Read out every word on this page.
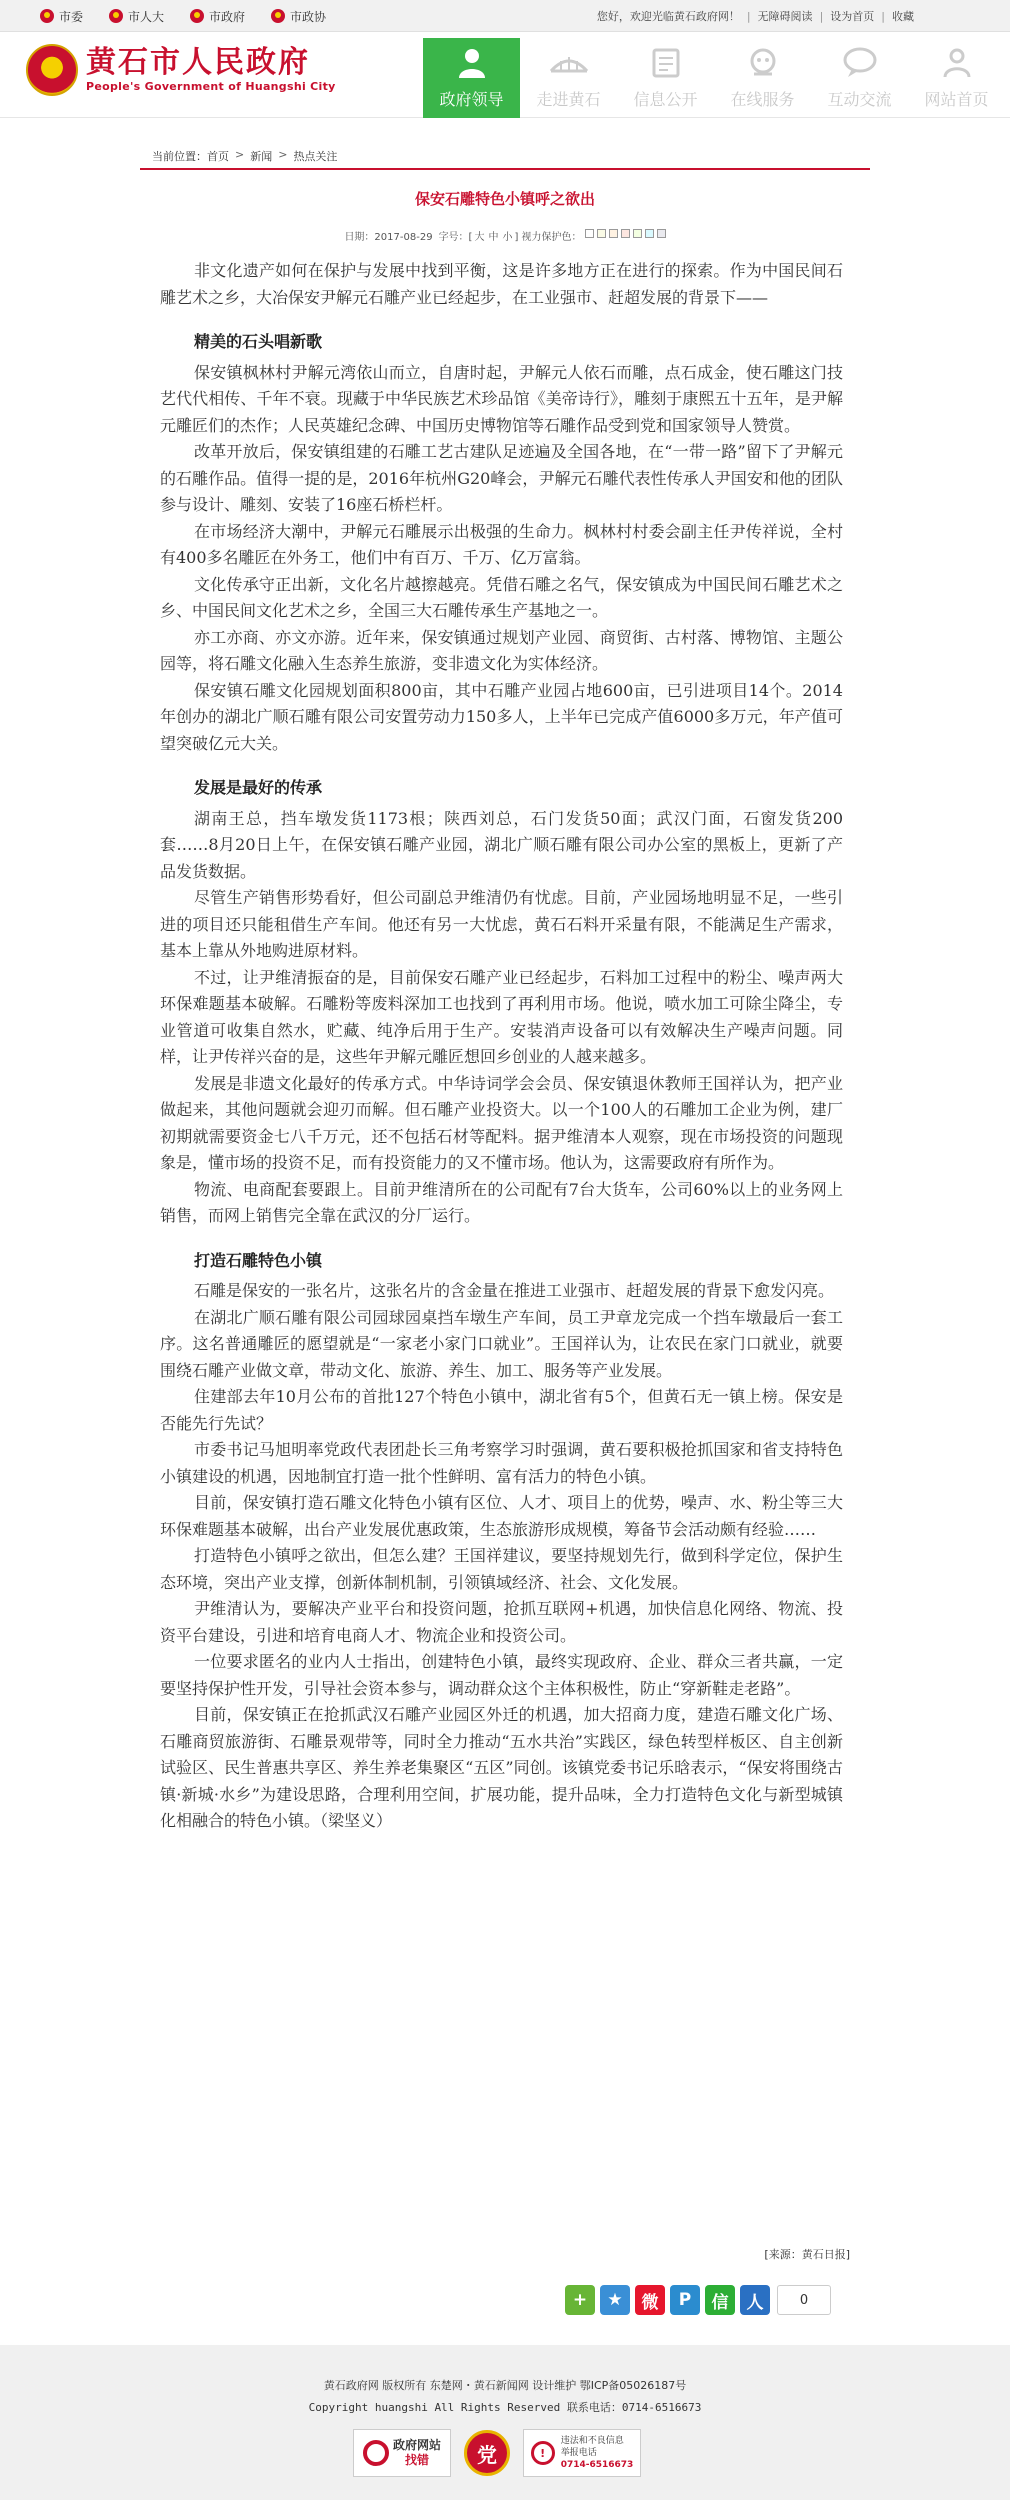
市委	市人大	市政府	市政协	您好，欢迎光临黄石政府网！ | 无障碍阅读 | 设为首页 | 收藏
黄石市人民政府
People's Government of Huangshi City
政府领导 走进黄石 信息公开 在线服务 互动交流 网站首页
当前位置： 首页 > 新闻 > 热点关注
保安石雕特色小镇呼之欲出
日期：2017-08-29 字号：[ 大 中 小 ] 视力保护色：

非文化遗产如何在保护与发展中找到平衡，这是许多地方正在进行的探索。作为中国民间石雕艺术之乡，大冶保安尹解元石雕产业已经起步，在工业强市、赶超发展的背景下——

精美的石头唱新歌

保安镇枫林村尹解元湾依山而立，自唐时起，尹解元人依石而雕，点石成金，使石雕这门技艺代代相传、千年不衰。现藏于中华民族艺术珍品馆《美帝诗行》，雕刻于康熙五十五年，是尹解元雕匠们的杰作；人民英雄纪念碑、中国历史博物馆等石雕作品受到党和国家领导人赞赏。

改革开放后，保安镇组建的石雕工艺古建队足迹遍及全国各地，在“一带一路”留下了尹解元的石雕作品。值得一提的是，2016年杭州G20峰会，尹解元石雕代表性传承人尹国安和他的团队参与设计、雕刻、安装了16座石桥栏杆。

在市场经济大潮中，尹解元石雕展示出极强的生命力。枫林村村委会副主任尹传祥说，全村有400多名雕匠在外务工，他们中有百万、千万、亿万富翁。

文化传承守正出新，文化名片越擦越亮。凭借石雕之名气，保安镇成为中国民间石雕艺术之乡、中国民间文化艺术之乡，全国三大石雕传承生产基地之一。

亦工亦商、亦文亦游。近年来，保安镇通过规划产业园、商贸街、古村落、博物馆、主题公园等，将石雕文化融入生态养生旅游，变非遗文化为实体经济。

保安镇石雕文化园规划面积800亩，其中石雕产业园占地600亩，已引进项目14个。2014年创办的湖北广顺石雕有限公司安置劳动力150多人，上半年已完成产值6000多万元，年产值可望突破亿元大关。

发展是最好的传承

湖南王总，挡车墩发货1173根；陕西刘总，石门发货50面；武汉门面，石窗发货200套……8月20日上午，在保安镇石雕产业园，湖北广顺石雕有限公司办公室的黑板上，更新了产品发货数据。

尽管生产销售形势看好，但公司副总尹维清仍有忧虑。目前，产业园场地明显不足，一些引进的项目还只能租借生产车间。他还有另一大忧虑，黄石石料开采量有限，不能满足生产需求，基本上靠从外地购进原材料。

不过，让尹维清振奋的是，目前保安石雕产业已经起步，石料加工过程中的粉尘、噪声两大环保难题基本破解。石雕粉等废料深加工也找到了再利用市场。他说，喷水加工可除尘降尘，专业管道可收集自然水，贮藏、纯净后用于生产。安装消声设备可以有效解决生产噪声问题。同样，让尹传祥兴奋的是，这些年尹解元雕匠想回乡创业的人越来越多。

发展是非遗文化最好的传承方式。中华诗词学会会员、保安镇退休教师王国祥认为，把产业做起来，其他问题就会迎刃而解。但石雕产业投资大。以一个100人的石雕加工企业为例，建厂初期就需要资金七八千万元，还不包括石材等配料。据尹维清本人观察，现在市场投资的问题现象是，懂市场的投资不足，而有投资能力的又不懂市场。他认为，这需要政府有所作为。

物流、电商配套要跟上。目前尹维清所在的公司配有7台大货车，公司60%以上的业务网上销售，而网上销售完全靠在武汉的分厂运行。

打造石雕特色小镇

石雕是保安的一张名片，这张名片的含金量在推进工业强市、赶超发展的背景下愈发闪亮。

在湖北广顺石雕有限公司园球园桌挡车墩生产车间，员工尹章龙完成一个挡车墩最后一套工序。这名普通雕匠的愿望就是“一家老小家门口就业”。王国祥认为，让农民在家门口就业，就要围绕石雕产业做文章，带动文化、旅游、养生、加工、服务等产业发展。

住建部去年10月公布的首批127个特色小镇中，湖北省有5个，但黄石无一镇上榜。保安是否能先行先试？

市委书记马旭明率党政代表团赴长三角考察学习时强调，黄石要积极抢抓国家和省支持特色小镇建设的机遇，因地制宜打造一批个性鲜明、富有活力的特色小镇。

目前，保安镇打造石雕文化特色小镇有区位、人才、项目上的优势，噪声、水、粉尘等三大环保难题基本破解，出台产业发展优惠政策，生态旅游形成规模，筹备节会活动颇有经验……

打造特色小镇呼之欲出，但怎么建？王国祥建议，要坚持规划先行，做到科学定位，保护生态环境，突出产业支撑，创新体制机制，引领镇域经济、社会、文化发展。

尹维清认为，要解决产业平台和投资问题，抢抓互联网+机遇，加快信息化网络、物流、投资平台建设，引进和培育电商人才、物流企业和投资公司。

一位要求匿名的业内人士指出，创建特色小镇，最终实现政府、企业、群众三者共赢，一定要坚持保护性开发，引导社会资本参与，调动群众这个主体积极性，防止“穿新鞋走老路”。

目前，保安镇正在抢抓武汉石雕产业园区外迁的机遇，加大招商力度，建造石雕文化广场、石雕商贸旅游街、石雕景观带等，同时全力推动“五水共治”实践区，绿色转型样板区、自主创新试验区、民生普惠共享区、养生养老集聚区“五区”同创。该镇党委书记乐晗表示，“保安将围绕古镇·新城·水乡”为建设思路，合理利用空间，扩展功能，提升品味，全力打造特色文化与新型城镇化相融合的特色小镇。（梁坚义）

[来源：黄石日报]
+	★	微	P	信	人	0
黄石政府网 版权所有 东楚网・黄石新闻网 设计维护 鄂ICP备05026187号
Copyright huangshi All Rights Reserved 联系电话：0714-6516673
政府网站
找错	党	!
违法和不良信息
举报电话
0714-6516673
